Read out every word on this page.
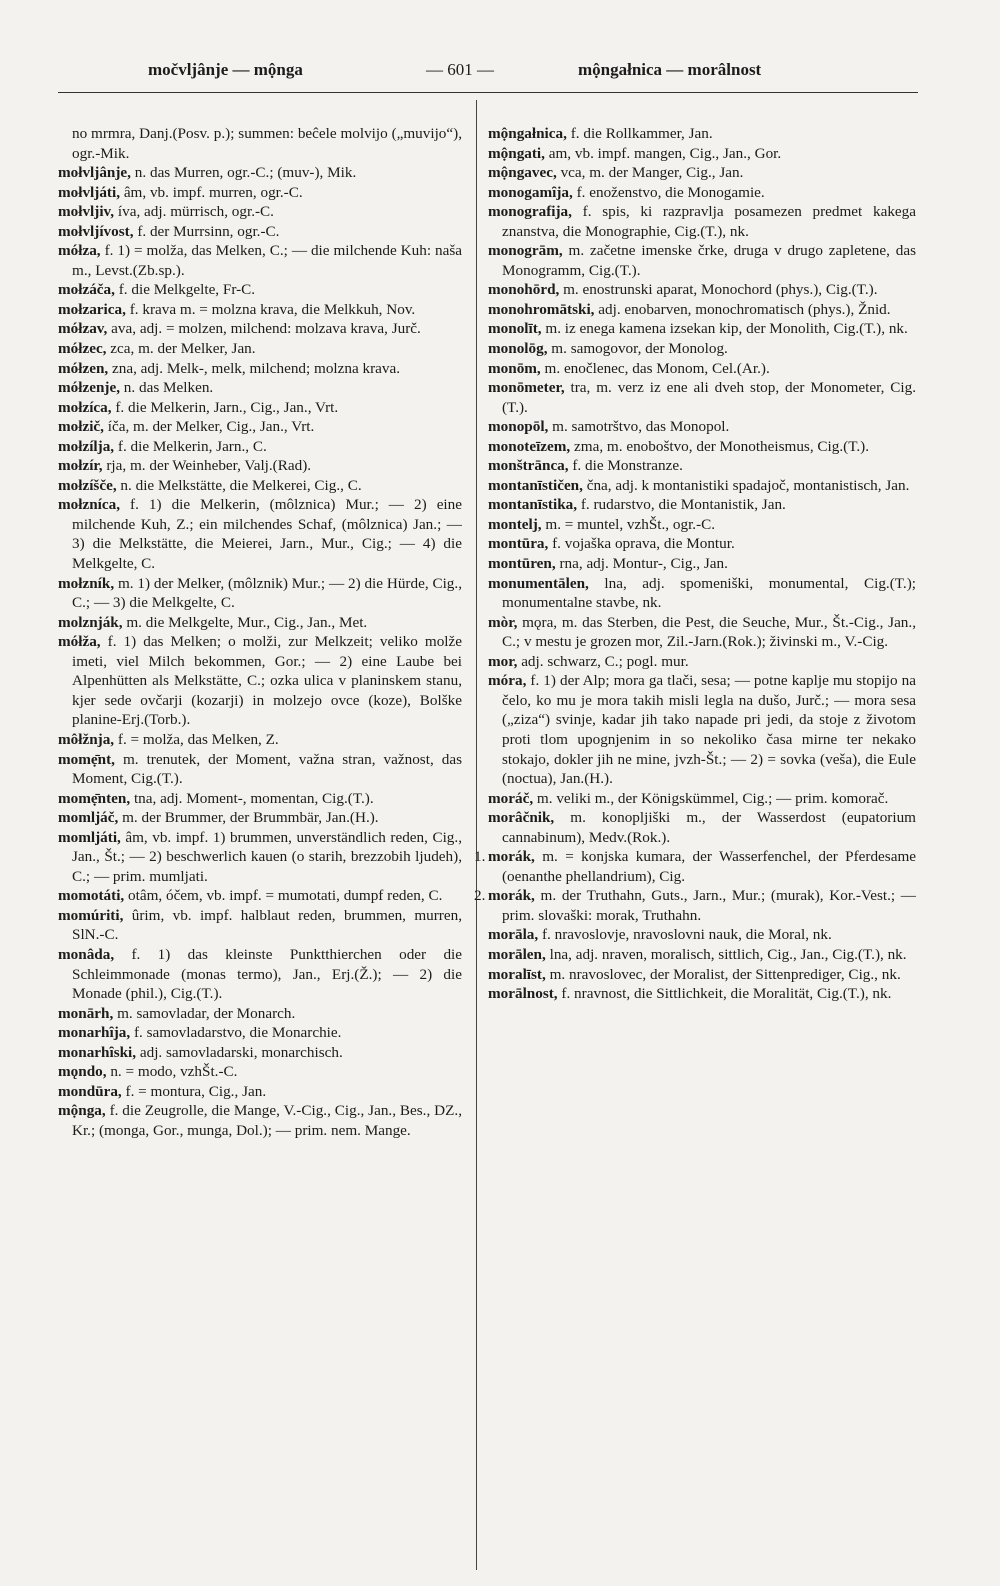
močvljânje — mộnga	— 601 —	mộngałnica — morâlnost

no mrmra, Danj.(Posv. p.); summen: beĉele molvijo („muvijo“), ogr.-Mik.

mołvljânje, n. das Murren, ogr.-C.; (muv-), Mik.

mołvljáti, âm, vb. impf. murren, ogr.-C.

mołvljiv, íva, adj. mürrisch, ogr.-C.

mołvljívost, f. der Murrsinn, ogr.-C.

mółza, f. 1) = molža, das Melken, C.; — die milchende Kuh: naša m., Levst.(Zb.sp.).

mołzáča, f. die Melkgelte, Fr-C.

mołzarica, f. krava m. = molzna krava, die Melkkuh, Nov.

mółzav, ava, adj. = molzen, milchend: molzava krava, Jurč.

mółzec, zca, m. der Melker, Jan.

mółzen, zna, adj. Melk-, melk, milchend; molzna krava.

mółzenje, n. das Melken.

mołzíca, f. die Melkerin, Jarn., Cig., Jan., Vrt.

mołzič, íča, m. der Melker, Cig., Jan., Vrt.

mołzílja, f. die Melkerin, Jarn., C.

mołzír, rja, m. der Weinheber, Valj.(Rad).

mołzíšče, n. die Melkstätte, die Melkerei, Cig., C.

mołzníca, f. 1) die Melkerin, (môlznica) Mur.; — 2) eine milchende Kuh, Z.; ein milchendes Schaf, (môlznica) Jan.; — 3) die Melkstätte, die Meierei, Jarn., Mur., Cig.; — 4) die Melkgelte, C.

mołzník, m. 1) der Melker, (môlznik) Mur.; — 2) die Hürde, Cig., C.; — 3) die Melkgelte, C.

molznják, m. die Melkgelte, Mur., Cig., Jan., Met.

mółža, f. 1) das Melken; o molži, zur Melkzeit; veliko molže imeti, viel Milch bekommen, Gor.; — 2) eine Laube bei Alpenhütten als Melkstätte, C.; ozka ulica v planinskem stanu, kjer sede ovčarji (kozarji) in molzejo ovce (koze), Bolške planine-Erj.(Torb.).

môłžnja, f. = molža, das Melken, Z.

momẹ̄nt, m. trenutek, der Moment, važna stran, važnost, das Moment, Cig.(T.).

momẹ̄nten, tna, adj. Moment-, momentan, Cig.(T.).

momljáč, m. der Brummer, der Brummbär, Jan.(H.).

momljáti, âm, vb. impf. 1) brummen, unverständlich reden, Cig., Jan., Št.; — 2) beschwerlich kauen (o starih, brezzobih ljudeh), C.; — prim. mumljati.

momotáti, otâm, óčem, vb. impf. = mumotati, dumpf reden, C.

momúriti, ûrim, vb. impf. halblaut reden, brummen, murren, SlN.-C.

monâda, f. 1) das kleinste Punktthierchen oder die Schleimmonade (monas termo), Jan., Erj.(Ž.); — 2) die Monade (phil.), Cig.(T.).

monārh, m. samovladar, der Monarch.

monarhȋja, f. samovladarstvo, die Monarchie.

monarhȋski, adj. samovladarski, monarchisch.

mǫndo, n. = modo, vzhŠt.-C.

mondūra, f. = montura, Cig., Jan.

mộnga, f. die Zeugrolle, die Mange, V.-Cig., Cig., Jan., Bes., DZ., Kr.; (monga, Gor., munga, Dol.); — prim. nem. Mange.

mộngałnica, f. die Rollkammer, Jan.

mộngati, am, vb. impf. mangen, Cig., Jan., Gor.

mộngavec, vca, m. der Manger, Cig., Jan.

monogamȋja, f. enoženstvo, die Monogamie.

monografija, f. spis, ki razpravlja posamezen predmet kakega znanstva, die Monographie, Cig.(T.), nk.

monogrām, m. začetne imenske črke, druga v drugo zapletene, das Monogramm, Cig.(T.).

monohōrd, m. enostrunski aparat, Monochord (phys.), Cig.(T.).

monohromātski, adj. enobarven, monochromatisch (phys.), Žnid.

monolīt, m. iz enega kamena izsekan kip, der Monolith, Cig.(T.), nk.

monolōg, m. samogovor, der Monolog.

monōm, m. enočlenec, das Monom, Cel.(Ar.).

monōmeter, tra, m. verz iz ene ali dveh stop, der Monometer, Cig.(T.).

monopōl, m. samotrštvo, das Monopol.

monoteīzem, zma, m. enoboštvo, der Monotheismus, Cig.(T.).

monštrānca, f. die Monstranze.

montanīstičen, čna, adj. k montanistiki spadajoč, montanistisch, Jan.

montanīstika, f. rudarstvo, die Montanistik, Jan.

montelj, m. = muntel, vzhŠt., ogr.-C.

montūra, f. vojaška oprava, die Montur.

montūren, rna, adj. Montur-, Cig., Jan.

monumentālen, lna, adj. spomeniški, monumental, Cig.(T.); monumentalne stavbe, nk.

mòr, mǫra, m. das Sterben, die Pest, die Seuche, Mur., Št.-Cig., Jan., C.; v mestu je grozen mor, Zil.-Jarn.(Rok.); živinski m., V.-Cig.

mor, adj. schwarz, C.; pogl. mur.

móra, f. 1) der Alp; mora ga tlači, sesa; — potne kaplje mu stopijo na čelo, ko mu je mora takih misli legla na dušo, Jurč.; — mora sesa („ziza“) svinje, kadar jih tako napade pri jedi, da stoje z životom proti tlom upognjenim in so nekoliko časa mirne ter nekako stokajo, dokler jih ne mine, jvzh-Št.; — 2) = sovka (veša), die Eule (noctua), Jan.(H.).

moráč, m. veliki m., der Königskümmel, Cig.; — prim. komorač.

morâčnik, m. konopljiški m., der Wasserdost (eupatorium cannabinum), Medv.(Rok.).

1. morák, m. = konjska kumara, der Wasserfenchel, der Pferdesame (oenanthe phellandrium), Cig.

2. morák, m. der Truthahn, Guts., Jarn., Mur.; (murak), Kor.-Vest.; — prim. slovaški: morak, Truthahn.

morāla, f. nravoslovje, nravoslovni nauk, die Moral, nk.

morālen, lna, adj. nraven, moralisch, sittlich, Cig., Jan., Cig.(T.), nk.

moralīst, m. nravoslovec, der Moralist, der Sittenprediger, Cig., nk.

morālnost, f. nravnost, die Sittlichkeit, die Moralität, Cig.(T.), nk.
